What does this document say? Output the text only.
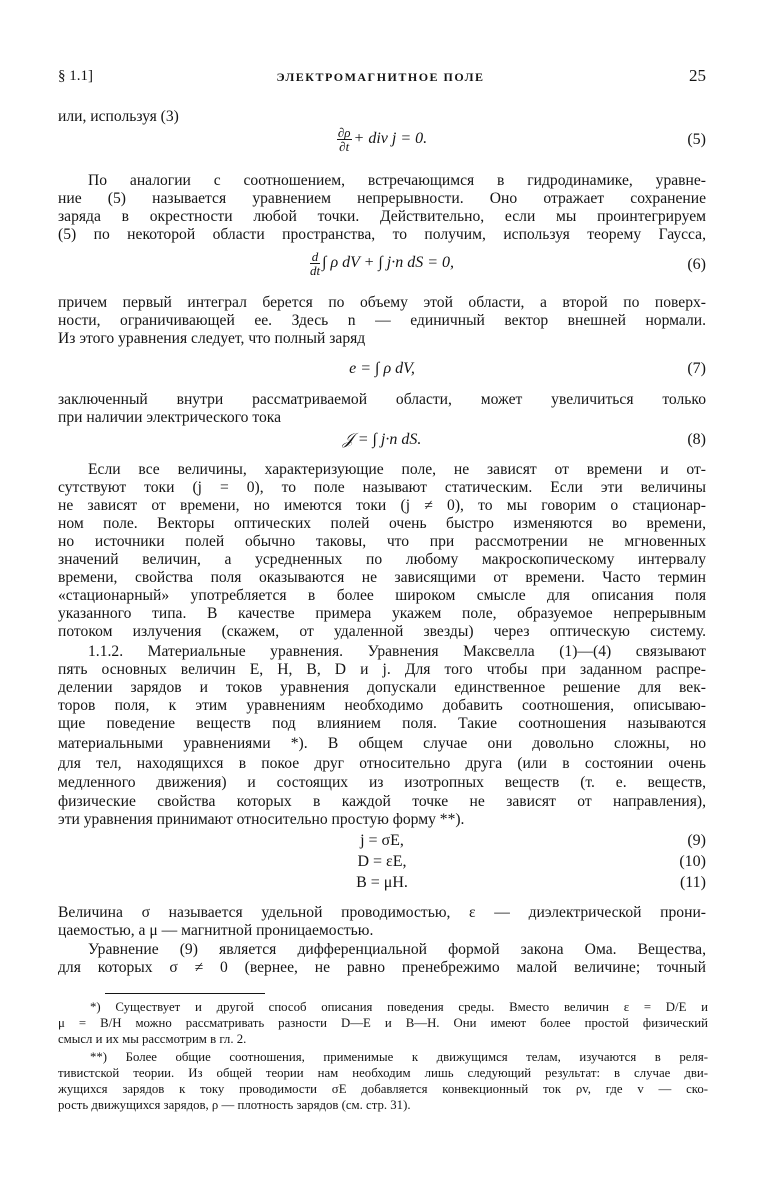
§ 1.1]	ЭЛЕКТРОМАГНИТНОЕ ПОЛЕ	25
или, используя (3)
$\frac{\partial\rho}{\partial t}$ + div j = 0.	(5)
По аналогии с соотношением, встречающимся в гидродинамике, уравне-
ние (5) называется уравнением непрерывности. Оно отражает сохранение
заряда в окрестности любой точки. Действительно, если мы проинтегрируем
(5) по некоторой области пространства, то получим, используя теорему Гаусса,
$\frac{d}{dt}$ ∫ ρ dV + ∫ j·n dS = 0,	(6)
причем первый интеграл берется по объему этой области, а второй по поверх-
ности, ограничивающей ее. Здесь n — единичный вектор внешней нормали.
Из этого уравнения следует, что полный заряд
e = ∫ ρ dV,	(7)
заключенный внутри рассматриваемой области, может увеличиться только
при наличии электрического тока
𝒥 = ∫ j·n dS.	(8)
Если все величины, характеризующие поле, не зависят от времени и от-
сутствуют токи (j = 0), то поле называют статическим. Если эти величины
не зависят от времени, но имеются токи (j ≠ 0), то мы говорим о стационар-
ном поле. Векторы оптических полей очень быстро изменяются во времени,
но источники полей обычно таковы, что при рассмотрении не мгновенных
значений величин, а усредненных по любому макроскопическому интервалу
времени, свойства поля оказываются не зависящими от времени. Часто термин
«стационарный» употребляется в более широком смысле для описания поля
указанного типа. В качестве примера укажем поле, образуемое непрерывным
потоком излучения (скажем, от удаленной звезды) через оптическую систему.
1.1.2. Материальные уравнения. Уравнения Максвелла (1)—(4) связывают
пять основных величин E, H, B, D и j. Для того чтобы при заданном распре-
делении зарядов и токов уравнения допускали единственное решение для век-
торов поля, к этим уравнениям необходимо добавить соотношения, описываю-
щие поведение веществ под влиянием поля. Такие соотношения называются
материальными уравнениями *). В общем случае они довольно сложны, но
для тел, находящихся в покое друг относительно друга (или в состоянии очень
медленного движения) и состоящих из изотропных веществ (т. е. веществ,
физические свойства которых в каждой точке не зависят от направления),
эти уравнения принимают относительно простую форму **).
j = σE,	(9)
D = εE,	(10)
B = μH.	(11)
Величина σ называется удельной проводимостью, ε — диэлектрической прони-
цаемостью, а μ — магнитной проницаемостью.
Уравнение (9) является дифференциальной формой закона Ома. Вещества,
для которых σ ≠ 0 (вернее, не равно пренебрежимо малой величине; точный
*) Существует и другой способ описания поведения среды. Вместо величин ε = D/E и
μ = B/H можно рассматривать разности D—E и B—H. Они имеют более простой физический
смысл и их мы рассмотрим в гл. 2.
**) Более общие соотношения, применимые к движущимся телам, изучаются в реля-
тивистской теории. Из общей теории нам необходим лишь следующий результат: в случае дви-
жущихся зарядов к току проводимости σE добавляется конвекционный ток ρv, где v — ско-
рость движущихся зарядов, ρ — плотность зарядов (см. стр. 31).
